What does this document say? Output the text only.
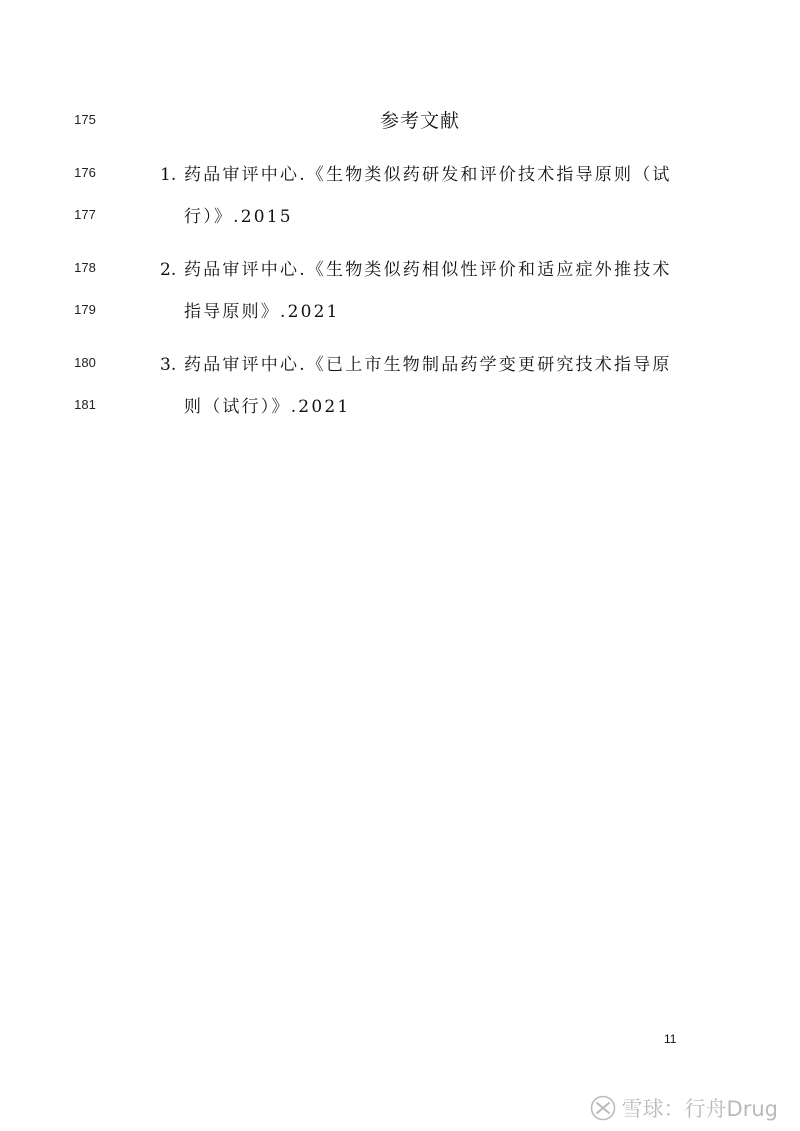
175
176
177
178
179
180
181
参考文献
1. 药品审评中心.《生物类似药研发和评价技术指导原则（试
行）》.2015
2. 药品审评中心.《生物类似药相似性评价和适应症外推技术
指导原则》.2021
3. 药品审评中心.《已上市生物制品药学变更研究技术指导原
则（试行）》.2021
11
雪球：行舟Drug
